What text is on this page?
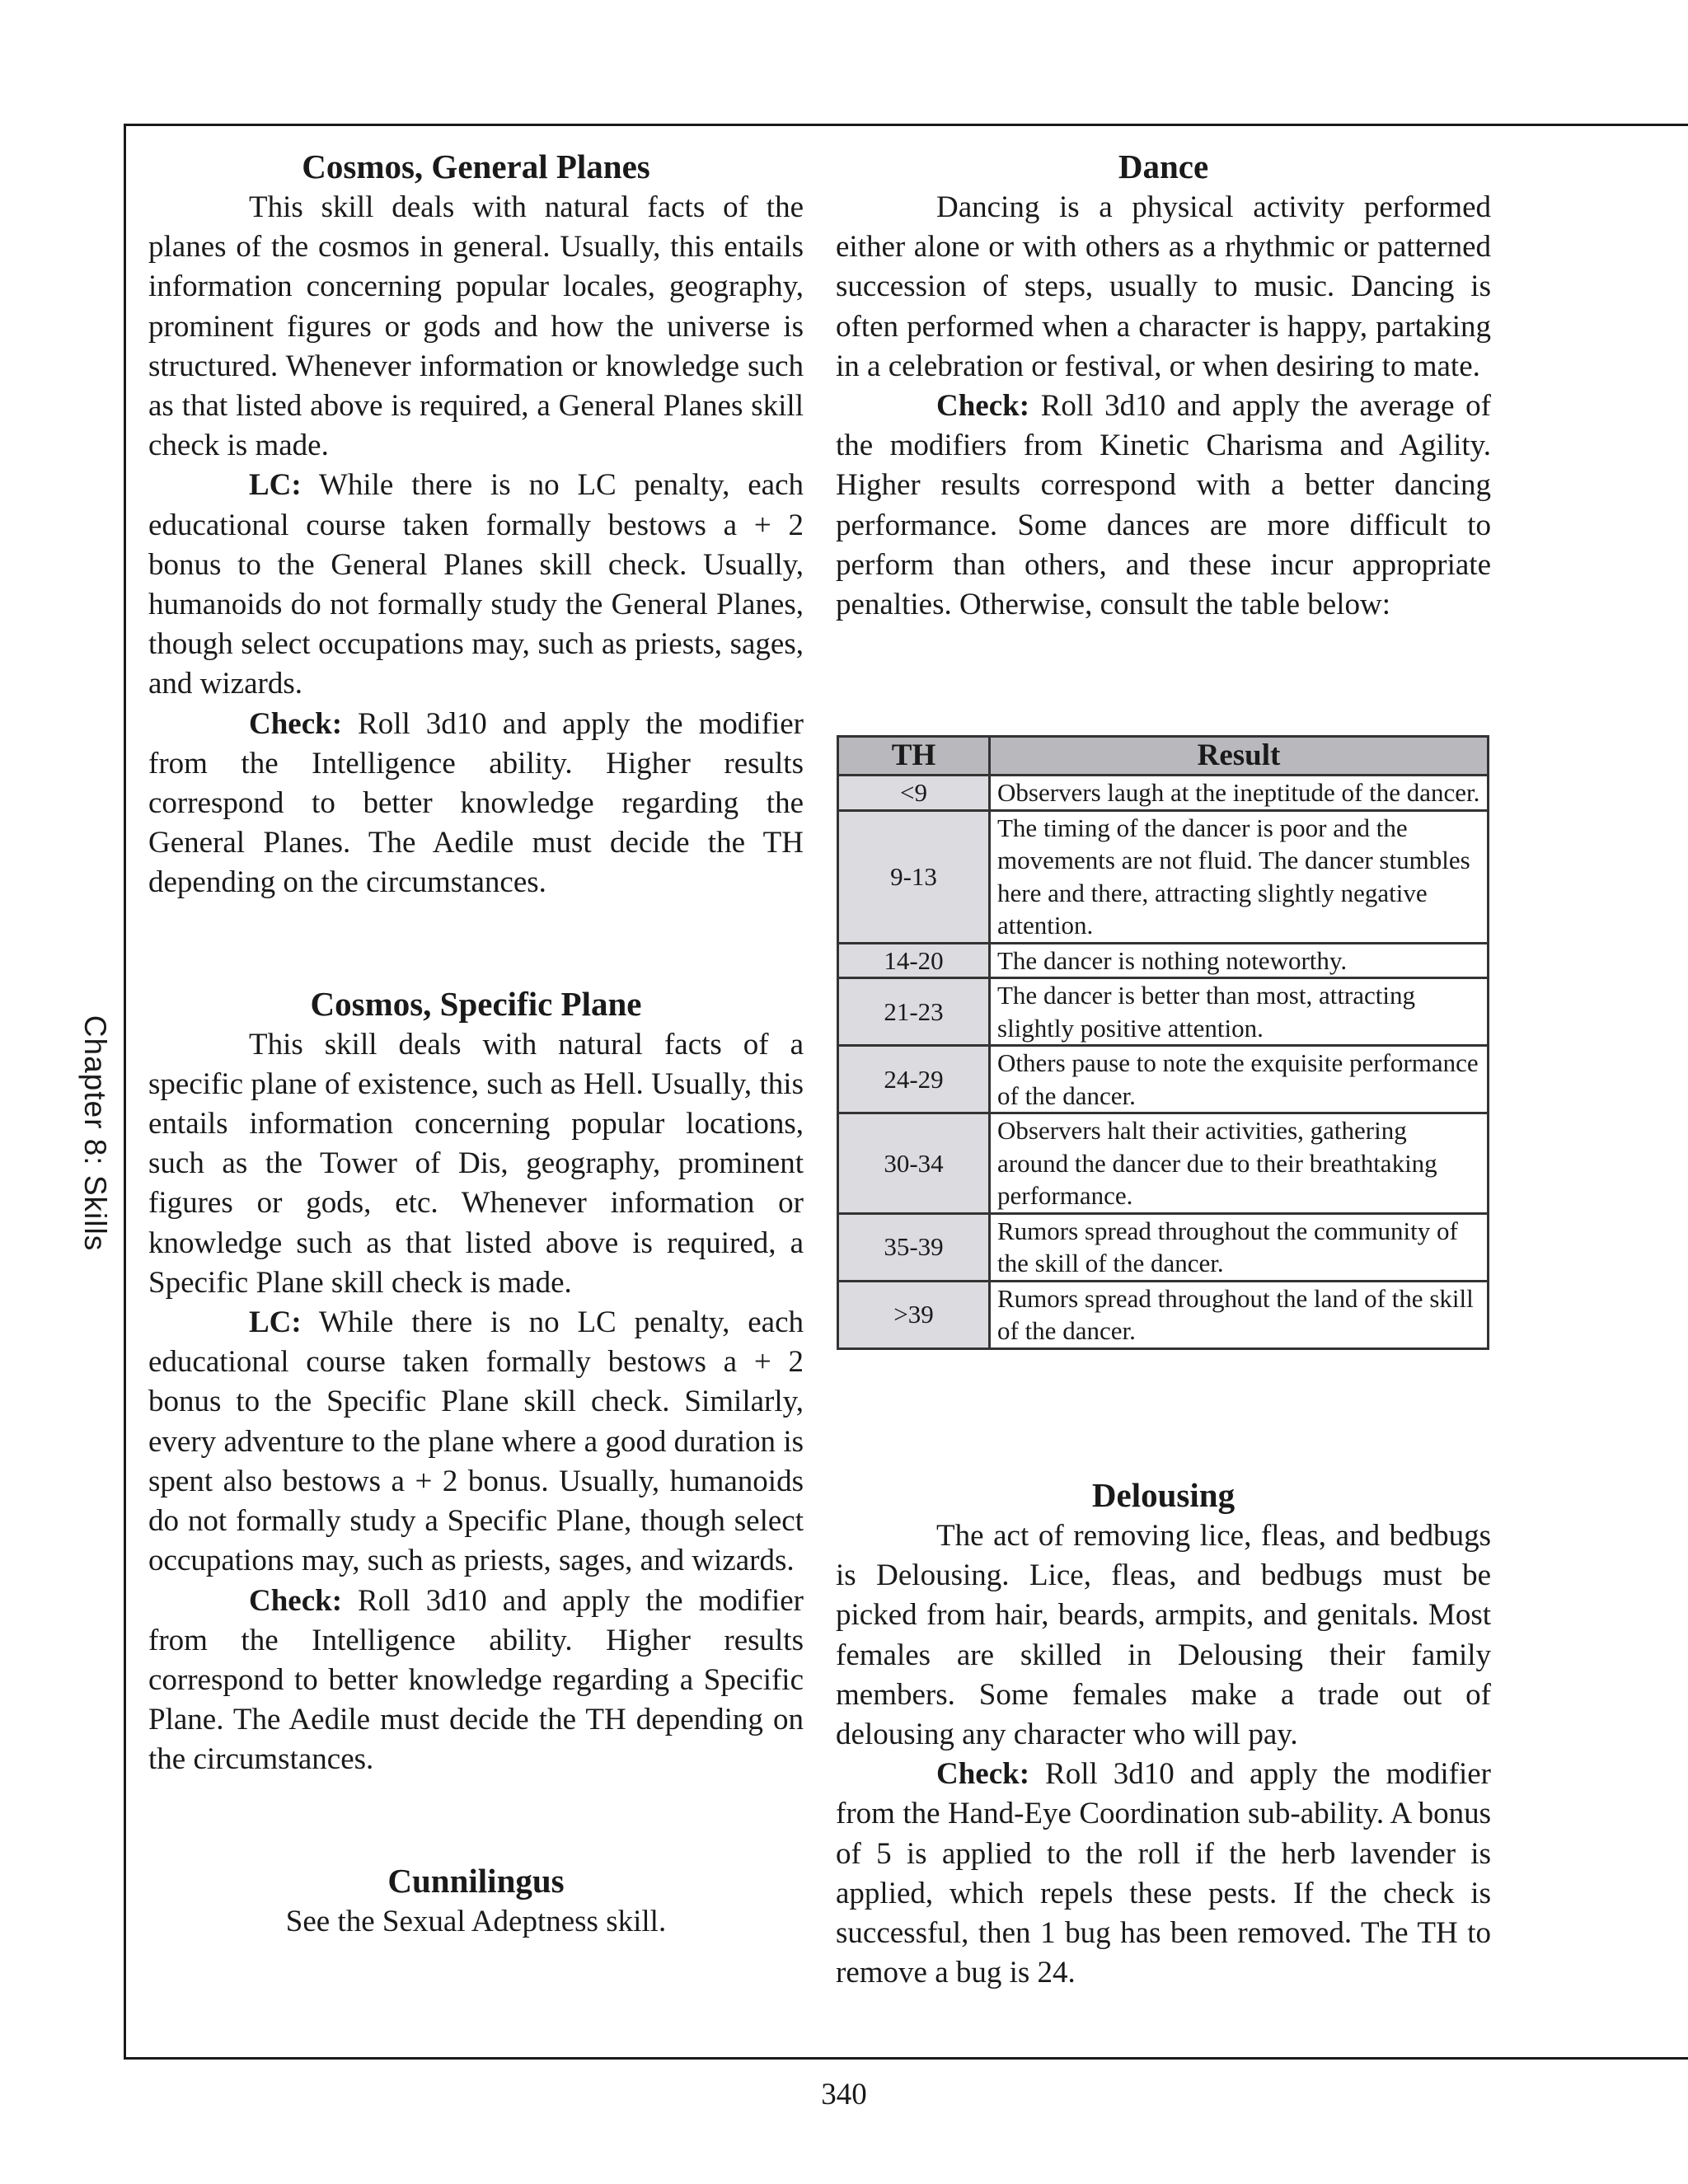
Chapter 8: Skills
Cosmos, General Planes

This skill deals with natural facts of the planes of the cosmos in general. Usually, this entails information concerning popular locales, geography, prominent figures or gods and how the universe is structured. Whenever information or knowledge such as that listed above is required, a General Planes skill check is made.

LC: While there is no LC penalty, each educational course taken formally bestows a + 2 bonus to the General Planes skill check. Usually, humanoids do not formally study the General Planes, though select occupations may, such as priests, sages, and wizards.

Check: Roll 3d10 and apply the modifier from the Intelligence ability. Higher results correspond to better knowledge regarding the General Planes. The Aedile must decide the TH depending on the circumstances.

Cosmos, Specific Plane

This skill deals with natural facts of a specific plane of existence, such as Hell. Usually, this entails information concerning popular locations, such as the Tower of Dis, geography, prominent figures or gods, etc. Whenever information or knowledge such as that listed above is required, a Specific Plane skill check is made.

LC: While there is no LC penalty, each educational course taken formally bestows a + 2 bonus to the Specific Plane skill check. Similarly, every adventure to the plane where a good duration is spent also bestows a + 2 bonus. Usually, humanoids do not formally study a Specific Plane, though select occupations may, such as priests, sages, and wizards.

Check: Roll 3d10 and apply the modifier from the Intelligence ability. Higher results correspond to better knowledge regarding a Specific Plane. The Aedile must decide the TH depending on the circumstances.

Cunnilingus

See the Sexual Adeptness skill.

Dance

Dancing is a physical activity performed either alone or with others as a rhythmic or patterned succession of steps, usually to music. Dancing is often performed when a character is happy, partaking in a celebration or festival, or when desiring to mate.

Check: Roll 3d10 and apply the average of the modifiers from Kinetic Charisma and Agility. Higher results correspond with a better dancing performance. Some dances are more difficult to perform than others, and these incur appropriate penalties. Otherwise, consult the table below:

TH	Result
<9	Observers laugh at the ineptitude of the dancer.
9-13	The timing of the dancer is poor and the movements are not fluid. The dancer stumbles here and there, attracting slightly negative attention.
14-20	The dancer is nothing noteworthy.
21-23	The dancer is better than most, attracting slightly positive attention.
24-29	Others pause to note the exquisite performance of the dancer.
30-34	Observers halt their activities, gathering around the dancer due to their breathtaking performance.
35-39	Rumors spread throughout the community of the skill of the dancer.
>39	Rumors spread throughout the land of the skill of the dancer.
Delousing

The act of removing lice, fleas, and bedbugs is Delousing. Lice, fleas, and bedbugs must be picked from hair, beards, armpits, and genitals. Most females are skilled in Delousing their family members. Some females make a trade out of delousing any character who will pay.

Check: Roll 3d10 and apply the modifier from the Hand-Eye Coordination sub-ability. A bonus of 5 is applied to the roll if the herb lavender is applied, which repels these pests. If the check is successful, then 1 bug has been removed. The TH to remove a bug is 24.

340
